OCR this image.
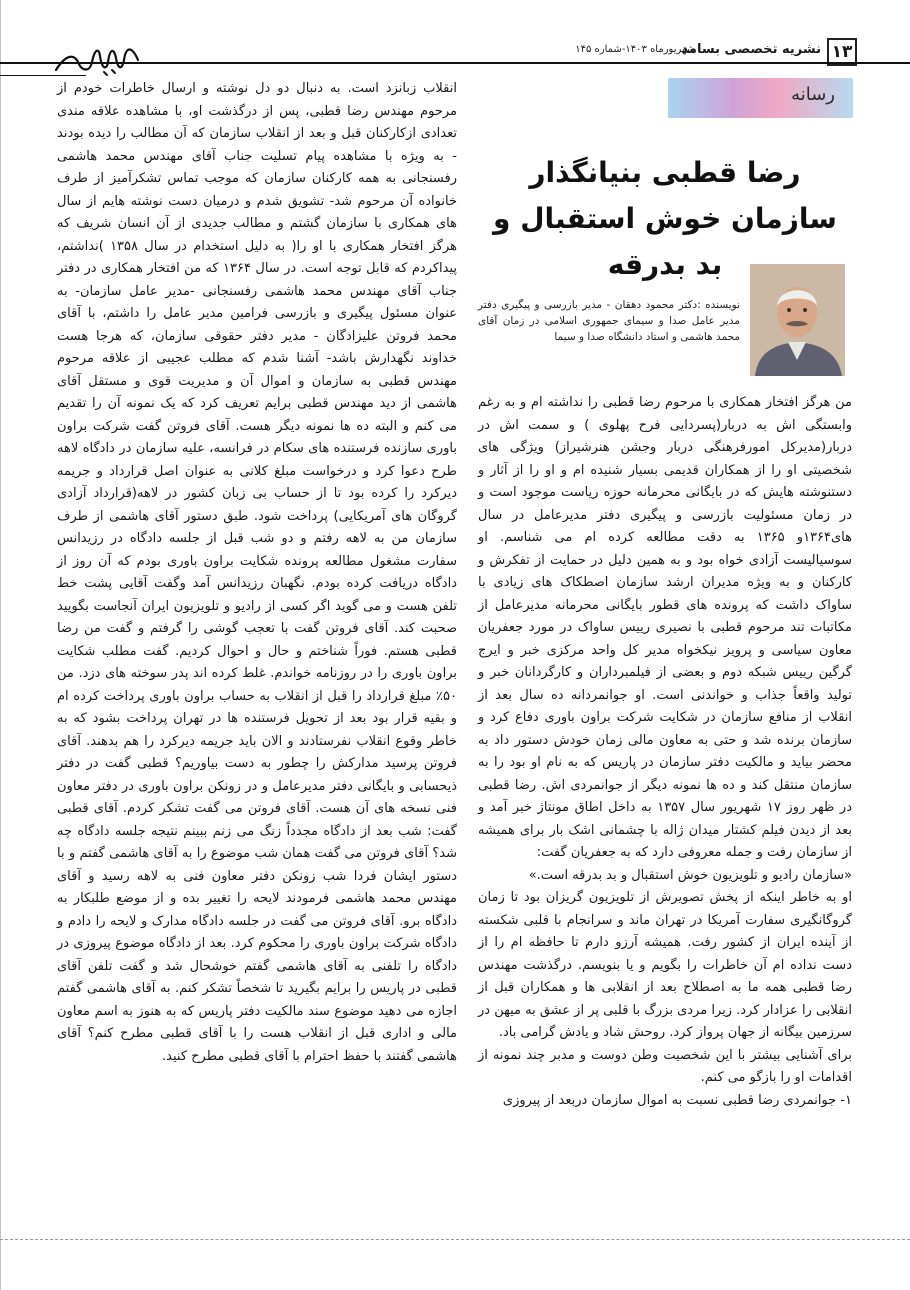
۱۳
نشریه تخصصی بسامد
شهریورماه ۱۴۰۳-شماره ۱۴۵
رسانه
رضا قطبی بنیانگذار سازمان خوش استقبال و بد بدرقه
نویسنده :دکتر محمود دهقان - مدیر بازرسی و پیگیری دفتر مدیر عامل صدا و سیمای جمهوری اسلامی در زمان آقای محمد هاشمی و استاد دانشگاه صدا و سیما

انقلاب زبانزد است. به دنبال دو دل نوشته و ارسال خاطرات خودم از مرحوم مهندس رضا قطبی، پس از درگذشت او، با مشاهده علاقه مندی تعدادی ازکارکنان قبل و بعد از انقلاب سازمان که آن مطالب را دیده بودند - به ویژه با مشاهده پیام تسلیت جناب آقای مهندس محمد هاشمی رفسنجانی به همه کارکنان سازمان که موجب تماس تشکرآمیز از طرف خانواده آن مرحوم شد- تشویق شدم و درمیان دست نوشته هایم از سال های همکاری با سازمان گشتم و مطالب جدیدی از آن انسان شریف که هرگز افتخار همکاری با او را( به دلیل استخدام در سال ۱۳۵۸ )نداشتم، پیداکردم که قابل توجه است. در سال ۱۳۶۴ که من افتخار همکاری در دفتر جناب آقای مهندس محمد هاشمی رفسنجانی -مدیر عامل سازمان- به عنوان مسئول پیگیری و بازرسی فرامین مدیر عامل را داشتم، با آقای محمد فروتن علیزادگان - مدیر دفتر حقوقی سازمان، که هرجا هست خداوند نگهدارش باشد- آشنا شدم که مطلب عجیبی از علاقه مرحوم مهندس قطبی به سازمان و اموال آن و مدیریت قوی و مستقل آقای هاشمی از دید مهندس قطبی برایم تعریف کرد که یک نمونه آن را تقدیم می کنم و البته ده ها نمونه دیگر هست. آقای فروتن گفت شرکت براون باوری سازنده فرستنده های سکام در فرانسه، علیه سازمان در دادگاه لاهه طرح دعوا کرد و درخواست مبلغ کلانی به عنوان اصل قرارداد و جریمه دیرکرد را کرده بود تا از حساب بی زبان کشور در لاهه(قرارداد آزادی گروگان های آمریکایی) پرداخت شود. طبق دستور آقای هاشمی از طرف سازمان من به لاهه رفتم و دو شب قبل از جلسه دادگاه در رزیدانس سفارت مشغول مطالعه پرونده شکایت براون باوری بودم که آن روز از دادگاه دریافت کرده بودم. نگهبان رزیدانس آمد وگفت آقایی پشت خط تلفن هست و می گوید اگر کسی از رادیو و تلویزیون ایران آنجاست بگویید صحبت کند. آقای فروتن گفت با تعجب گوشی را گرفتم و گفت من رضا قطبی هستم. فوراً شناختم و حال و احوال کردیم. گفت مطلب شکایت براون باوری را در روزنامه خواندم. غلط کرده اند پدر سوخته های دزد. من ۵۰٪ مبلغ قرارداد را قبل از انقلاب به حساب براون باوری پرداخت کرده ام و بقیه قرار بود بعد از تحویل فرستنده ها در تهران پرداخت بشود که به خاطر وقوع انقلاب نفرستادند و الان باید جریمه دیرکرد را هم بدهند. آقای فروتن پرسید مدارکش را چطور به دست بیاوریم؟ قطبی گفت در دفتر ذیحسابی و بایگانی دفتر مدیرعامل و در زونکن براون باوری در دفتر معاون فنی نسخه های آن هست. آقای فروتن می گفت تشکر کردم. آقای قطبی گفت: شب بعد از دادگاه مجدداً زنگ می زنم ببینم نتیجه جلسه دادگاه چه شد؟ آقای فروتن می گفت همان شب موضوع را به آقای هاشمی گفتم و با دستور ایشان فردا شب زونکن دفتر معاون فنی به لاهه رسید و آقای مهندس محمد هاشمی فرمودند لایحه را تغییر بده و از موضع طلبکار به دادگاه برو. آقای فروتن می گفت در جلسه دادگاه مدارک و لایحه را دادم و دادگاه شرکت براون باوری را محکوم کرد. بعد از دادگاه موضوع پیروزی در دادگاه را تلفنی به آقای هاشمی گفتم خوشحال شد و گفت تلفن آقای قطبی در پاریس را برایم بگیرید تا شخصاً تشکر کنم. به آقای هاشمی گفتم اجازه می دهید موضوع سند مالکیت دفتر پاریس که به هنوز به اسم معاون مالی و اداری قبل از انقلاب هست را با آقای قطبی مطرح کنم؟ آقای هاشمی گفتند با حفظ احترام با آقای قطبی مطرح کنید.

من هرگز افتخار همکاری با مرحوم رضا قطبی را نداشته ام و به رغم وابستگی اش به دربار(پسردایی فرح پهلوی ) و سمت اش در دربار(مدیرکل امورفرهنگی دربار وجشن هنرشیراز) ویژگی های شخصیتی او را از همکاران قدیمی بسیار شنیده ام و او را از آثار و دستنوشته هایش که در بایگانی محرمانه حوزه ریاست موجود است و در زمان مسئولیت بازرسی و پیگیری دفتر مدیرعامل در سال های۱۳۶۴و ۱۳۶۵ به دقت مطالعه کرده ام می شناسم. او سوسیالیست آزادی خواه بود و به همین دلیل در حمایت از تفکرش و کارکنان و به ویژه مدیران ارشد سازمان اصطکاک های زیادی با ساواک داشت که پرونده های قطور بایگانی محرمانه مدیرعامل از مکاتبات تند مرحوم قطبی با نصیری رییس ساواک در مورد جعفریان معاون سیاسی و پرویز نیکخواه مدیر کل واحد مرکزی خبر و ایرج گرگین رییس شبکه دوم و بعضی از فیلمبرداران و کارگردانان خبر و تولید واقعاً جذاب و خواندنی است. او جوانمردانه ده سال بعد از انقلاب از منافع سازمان در شکایت شرکت براون باوری دفاع کرد و سازمان برنده شد و حتی به معاون مالی زمان خودش دستور داد به محضر بیاید و مالکیت دفتر سازمان در پاریس که به نام او بود را به سازمان منتقل کند و ده ها نمونه دیگر از جوانمردی اش. رضا قطبی در ظهر روز ۱۷ شهریور سال ۱۳۵۷ به داخل اطاق مونتاژ خبر آمد و بعد از دیدن فیلم کشتار میدان ژاله با چشمانی اشک بار برای همیشه از سازمان رفت و جمله معروفی دارد که به جعفریان گفت:

«سازمان رادیو و تلویزیون خوش استقبال و بد بدرقه است.»

او به خاطر اینکه از پخش تصویرش از تلویزیون گریزان بود تا زمان گروگانگیری سفارت آمریکا در تهران ماند و سرانجام با قلبی شکسته از آینده ایران از کشور رفت. همیشه آرزو دارم تا حافظه ام را از دست نداده ام آن خاطرات را بگویم و یا بنویسم. درگذشت مهندس رضا قطبی همه ما به اصطلاح بعد از انقلابی ها و همکاران قبل از انقلابی را عزادار کرد. زیرا مردی بزرگ با قلبی پر از عشق به میهن در سرزمین بیگانه از جهان پرواز کرد. روحش شاد و یادش گرامی باد.

برای آشنایی بیشتر با این شخصیت وطن دوست و مدبر چند نمونه از اقدامات او را بازگو می کنم.

۱- جوانمردی رضا قطبی نسبت به اموال سازمان دربعد از پیروزی
